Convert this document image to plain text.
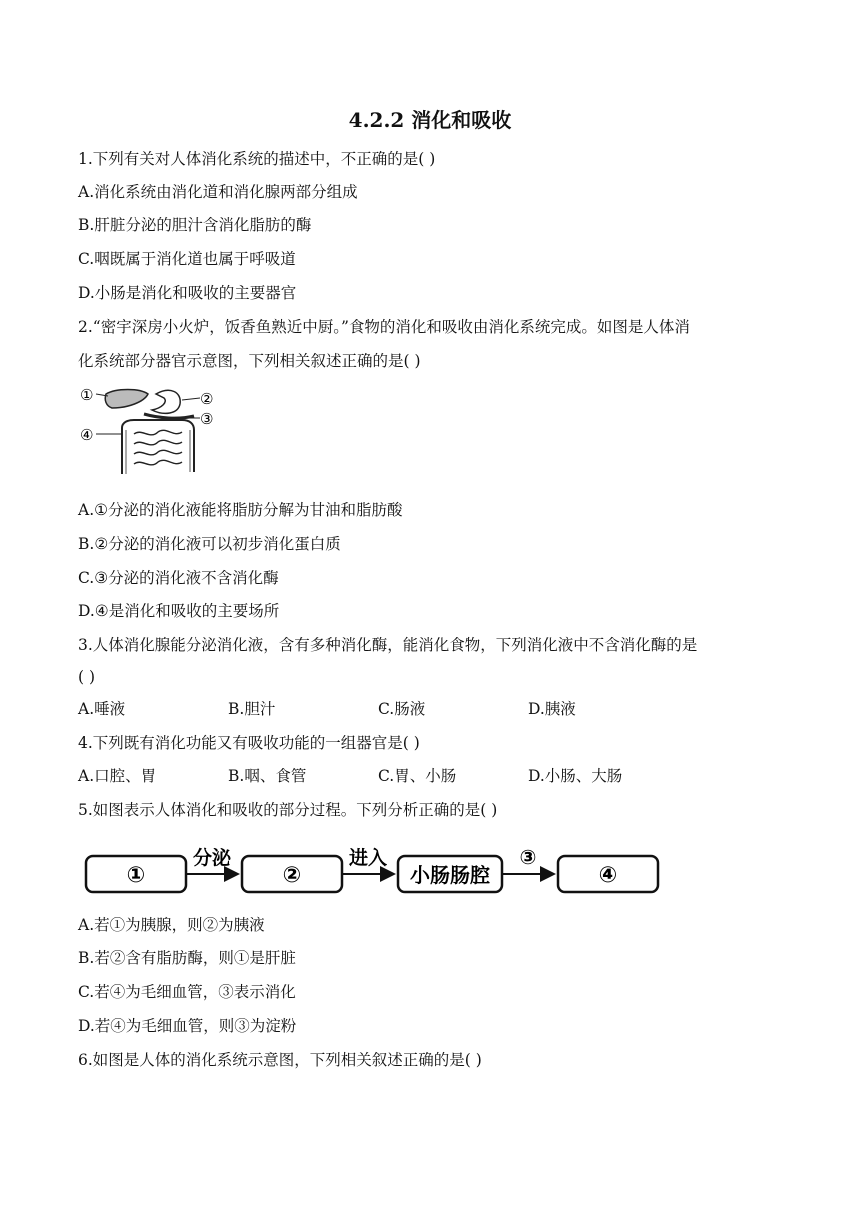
4.2.2 消化和吸收
1.下列有关对人体消化系统的描述中，不正确的是( )
A.消化系统由消化道和消化腺两部分组成
B.肝脏分泌的胆汁含消化脂肪的酶
C.咽既属于消化道也属于呼吸道
D.小肠是消化和吸收的主要器官
2.“密宇深房小火炉，饭香鱼熟近中厨。”食物的消化和吸收由消化系统完成。如图是人体消
化系统部分器官示意图，下列相关叙述正确的是( )
①	②
③
④
A.①分泌的消化液能将脂肪分解为甘油和脂肪酸
B.②分泌的消化液可以初步消化蛋白质
C.③分泌的消化液不含消化酶
D.④是消化和吸收的主要场所
3.人体消化腺能分泌消化液，含有多种消化酶，能消化食物，下列消化液中不含消化酶的是
( )
A.唾液	B.胆汁	C.肠液	D.胰液
4.下列既有消化功能又有吸收功能的一组器官是( )
A.口腔、胃	B.咽、食管	C.胃、小肠	D.小肠、大肠
5.如图表示人体消化和吸收的部分过程。下列分析正确的是( )
①
分泌
②
进入
小肠肠腔
③
④
A.若①为胰腺，则②为胰液
B.若②含有脂肪酶，则①是肝脏
C.若④为毛细血管，③表示消化
D.若④为毛细血管，则③为淀粉
6.如图是人体的消化系统示意图，下列相关叙述正确的是( )
